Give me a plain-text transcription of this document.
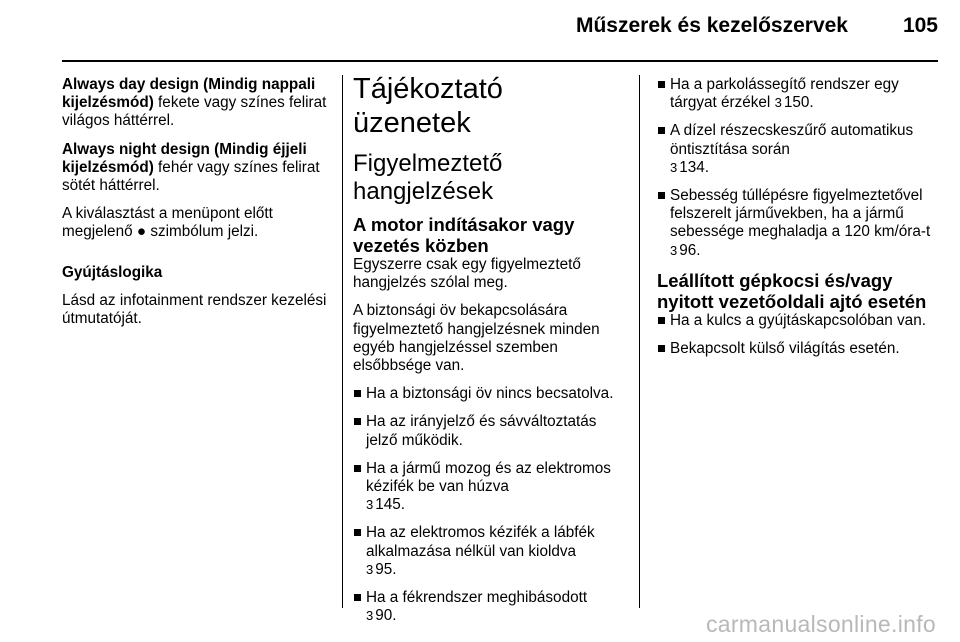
Műszerek és kezelőszervek	105

Always day design (Mindig nappali kijelzésmód) fekete vagy színes felirat világos háttérrel.

Always night design (Mindig éjjeli kijelzésmód) fehér vagy színes felirat sötét háttérrel.

A kiválasztást a menüpont előtt megjelenő ● szimbólum jelzi.

Gyújtáslogika

Lásd az infotainment rendszer kezelési útmutatóját.

Tájékoztató üzenetek
Figyelmeztető hangjelzések
A motor indításakor vagy vezetés közben

Egyszerre csak egy figyelmeztető hangjelzés szólal meg.

A biztonsági öv bekapcsolására figyelmeztető hangjelzésnek minden egyéb hangjelzéssel szemben elsőbbsége van.

Ha a biztonsági öv nincs becsatolva.
Ha az irányjelző és sávváltoztatás jelző működik.
Ha a jármű mozog és az elektromos kézifék be van húzva
3 145.
Ha az elektromos kézifék a lábfék alkalmazása nélkül van kioldva
3 95.
Ha a fékrendszer meghibásodott
3 90.
Ha a parkolássegítő rendszer egy tárgyat érzékel 3 150.
A dízel részecskeszűrő automatikus öntisztítása során
3 134.
Sebesség túllépésre figyelmeztetővel felszerelt járművekben, ha a jármű sebessége meghaladja a 120 km/óra-t 3 96.
Leállított gépkocsi és/vagy nyitott vezetőoldali ajtó esetén
Ha a kulcs a gyújtáskapcsolóban van.
Bekapcsolt külső világítás esetén.
carmanualsonline.info
